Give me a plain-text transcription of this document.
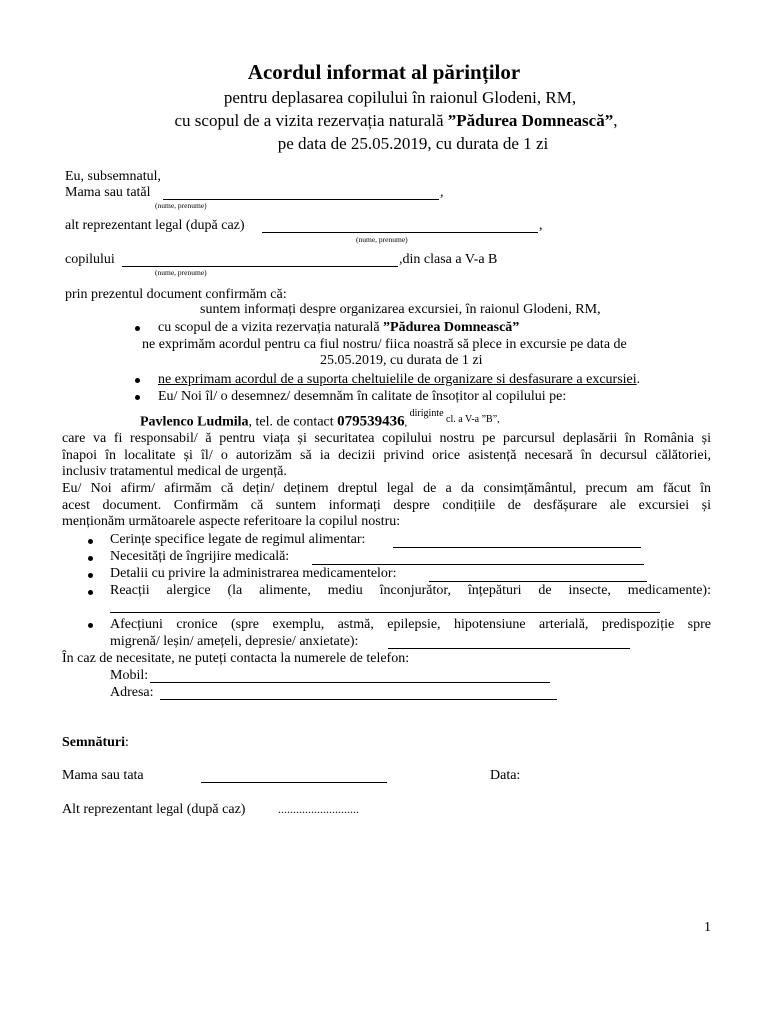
Acordul informat al părinților
pentru deplasarea copilului în raionul Glodeni, RM,
cu scopul de a vizita rezervația naturală ”Pădurea Domnească”,
pe data de 25.05.2019, cu durata de 1 zi
Eu, subsemnatul,
Mama sau tatăl	,
(nume, prenume)
alt reprezentant legal (după caz)	,
(nume, prenume)
copilului	,din clasa a V-a B
(nume, prenume)
prin prezentul document confirmăm că:
suntem informați despre organizarea excursiei, în raionul Glodeni, RM,
cu scopul de a vizita rezervația naturală ”Pădurea Domnească”
ne exprimăm acordul pentru ca fiul nostru/ fiica noastră să plece in excursie pe data de
25.05.2019, cu durata de 1 zi
ne exprimam acordul de a suporta cheltuielile de organizare si desfasurare a excursiei.
Eu/ Noi îl/ o desemnez/ desemnăm în calitate de însoțitor al copilului pe:
Pavlenco Ludmila, tel. de contact 079539436, $^{diriginte}$ $^{cl. a V-a ”B”,}$
care va fi responsabil/ ă pentru viața și securitatea copilului nostru pe parcursul deplasării în România și
înapoi în localitate și îl/ o autorizăm să ia decizii privind orice asistență necesară în decursul călătoriei,
inclusiv tratamentul medical de urgență.
Eu/ Noi afirm/ afirmăm că dețin/ deținem dreptul legal de a da consimțământul, precum am făcut în
acest document. Confirmăm că suntem informați despre condițiile de desfășurare ale excursiei și
menționăm următoarele aspecte referitoare la copilul nostru:
Cerințe specifice legate de regimul alimentar:
Necesități de îngrijire medicală:
Detalii cu privire la administrarea medicamentelor:
Reacții alergice (la alimente, mediu înconjurător, înțepături de insecte, medicamente):
Afecțiuni cronice (spre exemplu, astmă, epilepsie, hipotensiune arterială, predispoziție spre
migrenă/ leșin/ amețeli, depresie/ anxietate):
În caz de necesitate, ne puteți contacta la numerele de telefon:
Mobil:
Adresa:
Semnături:
Mama sau tata	Data:
Alt reprezentant legal (după caz)	...........................
1
